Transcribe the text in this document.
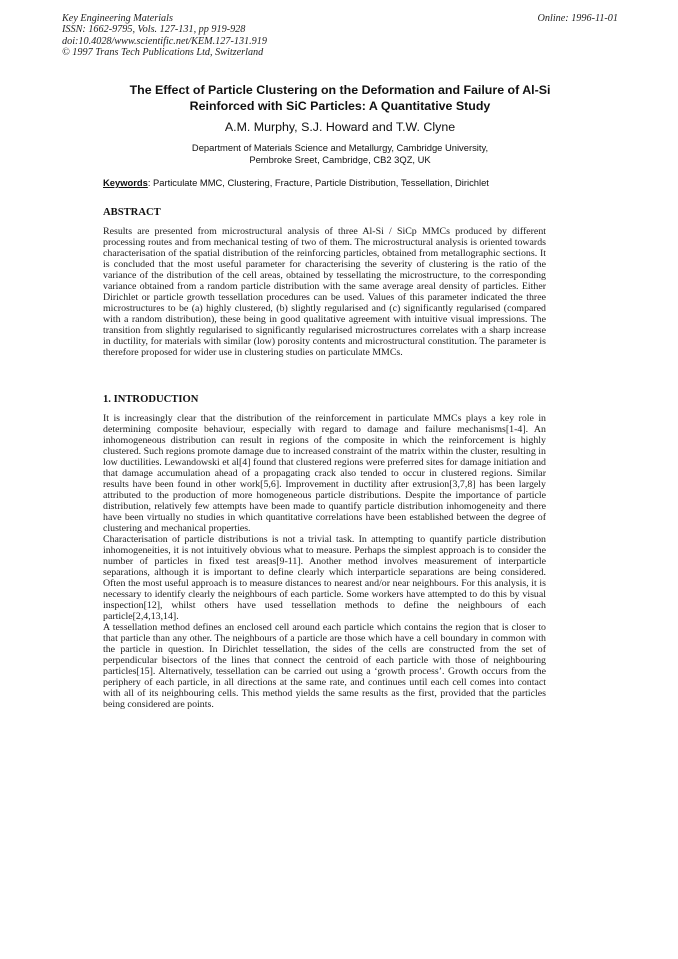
Key Engineering Materials
ISSN: 1662-9795, Vols. 127-131, pp 919-928
doi:10.4028/www.scientific.net/KEM.127-131.919
© 1997 Trans Tech Publications Ltd, Switzerland
Online: 1996-11-01
The Effect of Particle Clustering on the Deformation and Failure of Al-Si
Reinforced with SiC Particles: A Quantitative Study
A.M. Murphy, S.J. Howard and T.W. Clyne
Department of Materials Science and Metallurgy, Cambridge University,
Pembroke Sreet, Cambridge, CB2 3QZ, UK
Keywords: Particulate MMC, Clustering, Fracture, Particle Distribution, Tessellation, Dirichlet
ABSTRACT

Results are presented from microstructural analysis of three Al-Si / SiCp MMCs produced by different processing routes and from mechanical testing of two of them. The microstructural analysis is oriented towards characterisation of the spatial distribution of the reinforcing particles, obtained from metallographic sections. It is concluded that the most useful parameter for characterising the severity of clustering is the ratio of the variance of the distribution of the cell areas, obtained by tessellating the microstructure, to the corresponding variance obtained from a random particle distribution with the same average areal density of particles. Either Dirichlet or particle growth tessellation procedures can be used. Values of this parameter indicated the three microstructures to be (a) highly clustered, (b) slightly regularised and (c) significantly regularised (compared with a random distribution), these being in good qualitative agreement with intuitive visual impressions. The transition from slightly regularised to significantly regularised microstructures correlates with a sharp increase in ductility, for materials with similar (low) porosity contents and microstructural constitution. The parameter is therefore proposed for wider use in clustering studies on particulate MMCs.

1. INTRODUCTION

It is increasingly clear that the distribution of the reinforcement in particulate MMCs plays a key role in determining composite behaviour, especially with regard to damage and failure mechanisms[1-4]. An inhomogeneous distribution can result in regions of the composite in which the reinforcement is highly clustered. Such regions promote damage due to increased constraint of the matrix within the cluster, resulting in low ductilities. Lewandowski et al[4] found that clustered regions were preferred sites for damage initiation and that damage accumulation ahead of a propagating crack also tended to occur in clustered regions. Similar results have been found in other work[5,6]. Improvement in ductility after extrusion[3,7,8] has been largely attributed to the production of more homogeneous particle distributions. Despite the importance of particle distribution, relatively few attempts have been made to quantify particle distribution inhomogeneity and there have been virtually no studies in which quantitative correlations have been established between the degree of clustering and mechanical properties.

Characterisation of particle distributions is not a trivial task. In attempting to quantify particle distribution inhomogeneities, it is not intuitively obvious what to measure. Perhaps the simplest approach is to consider the number of particles in fixed test areas[9-11]. Another method involves measurement of interparticle separations, although it is important to define clearly which interparticle separations are being considered. Often the most useful approach is to measure distances to nearest and/or near neighbours. For this analysis, it is necessary to identify clearly the neighbours of each particle. Some workers have attempted to do this by visual inspection[12], whilst others have used tessellation methods to define the neighbours of each particle[2,4,13,14].

A tessellation method defines an enclosed cell around each particle which contains the region that is closer to that particle than any other. The neighbours of a particle are those which have a cell boundary in common with the particle in question. In Dirichlet tessellation, the sides of the cells are constructed from the set of perpendicular bisectors of the lines that connect the centroid of each particle with those of neighbouring particles[15]. Alternatively, tessellation can be carried out using a ‘growth process’. Growth occurs from the periphery of each particle, in all directions at the same rate, and continues until each cell comes into contact with all of its neighbouring cells. This method yields the same results as the first, provided that the particles being considered are points.
